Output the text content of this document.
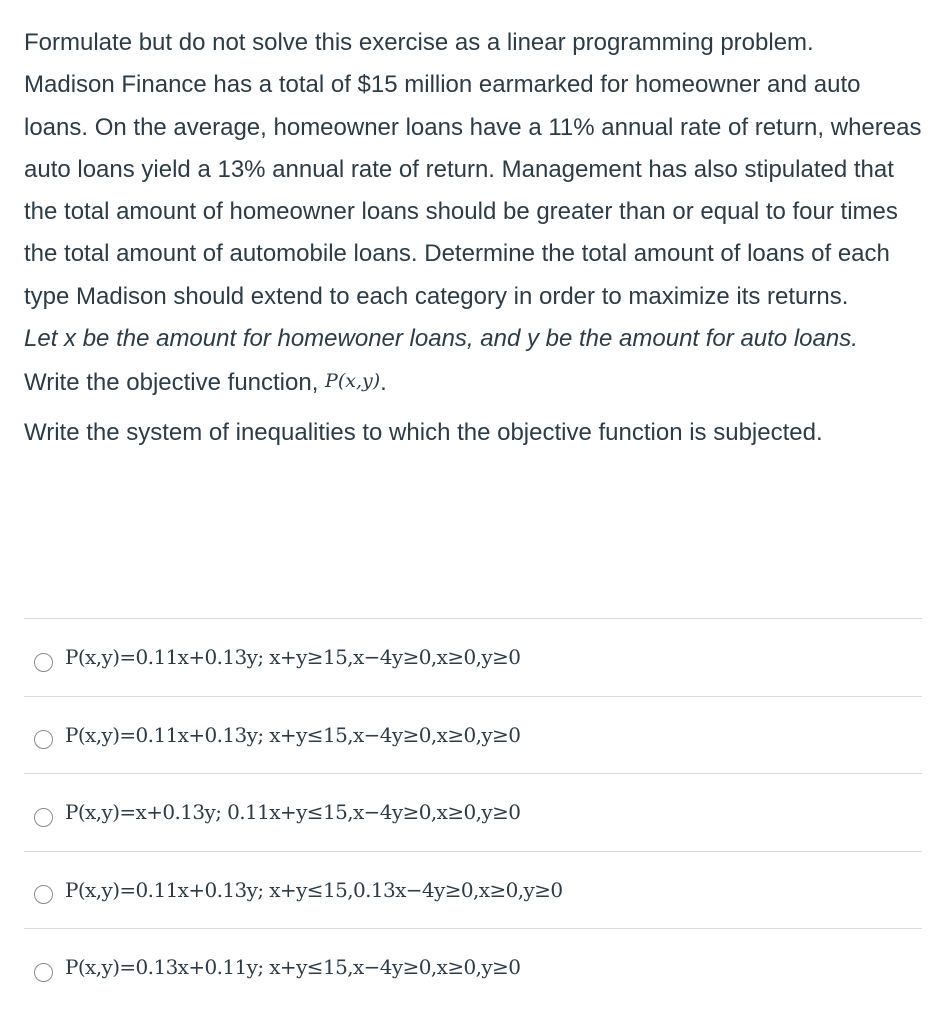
Formulate but do not solve this exercise as a linear programming problem.

Madison Finance has a total of $15 million earmarked for homeowner and auto loans. On the average, homeowner loans have a 11% annual rate of return, whereas auto loans yield a 13% annual rate of return. Management has also stipulated that the total amount of homeowner loans should be greater than or equal to four times the total amount of automobile loans. Determine the total amount of loans of each type Madison should extend to each category in order to maximize its returns.

Let x be the amount for homewoner loans, and y be the amount for auto loans.

Write the objective function, P(x,y).

Write the system of inequalities to which the objective function is subjected.

P(x,y)=0.11x+0.13y; x+y≥15,x−4y≥0,x≥0,y≥0
P(x,y)=0.11x+0.13y; x+y≤15,x−4y≥0,x≥0,y≥0
P(x,y)=x+0.13y; 0.11x+y≤15,x−4y≥0,x≥0,y≥0
P(x,y)=0.11x+0.13y; x+y≤15,0.13x−4y≥0,x≥0,y≥0
P(x,y)=0.13x+0.11y; x+y≤15,x−4y≥0,x≥0,y≥0
